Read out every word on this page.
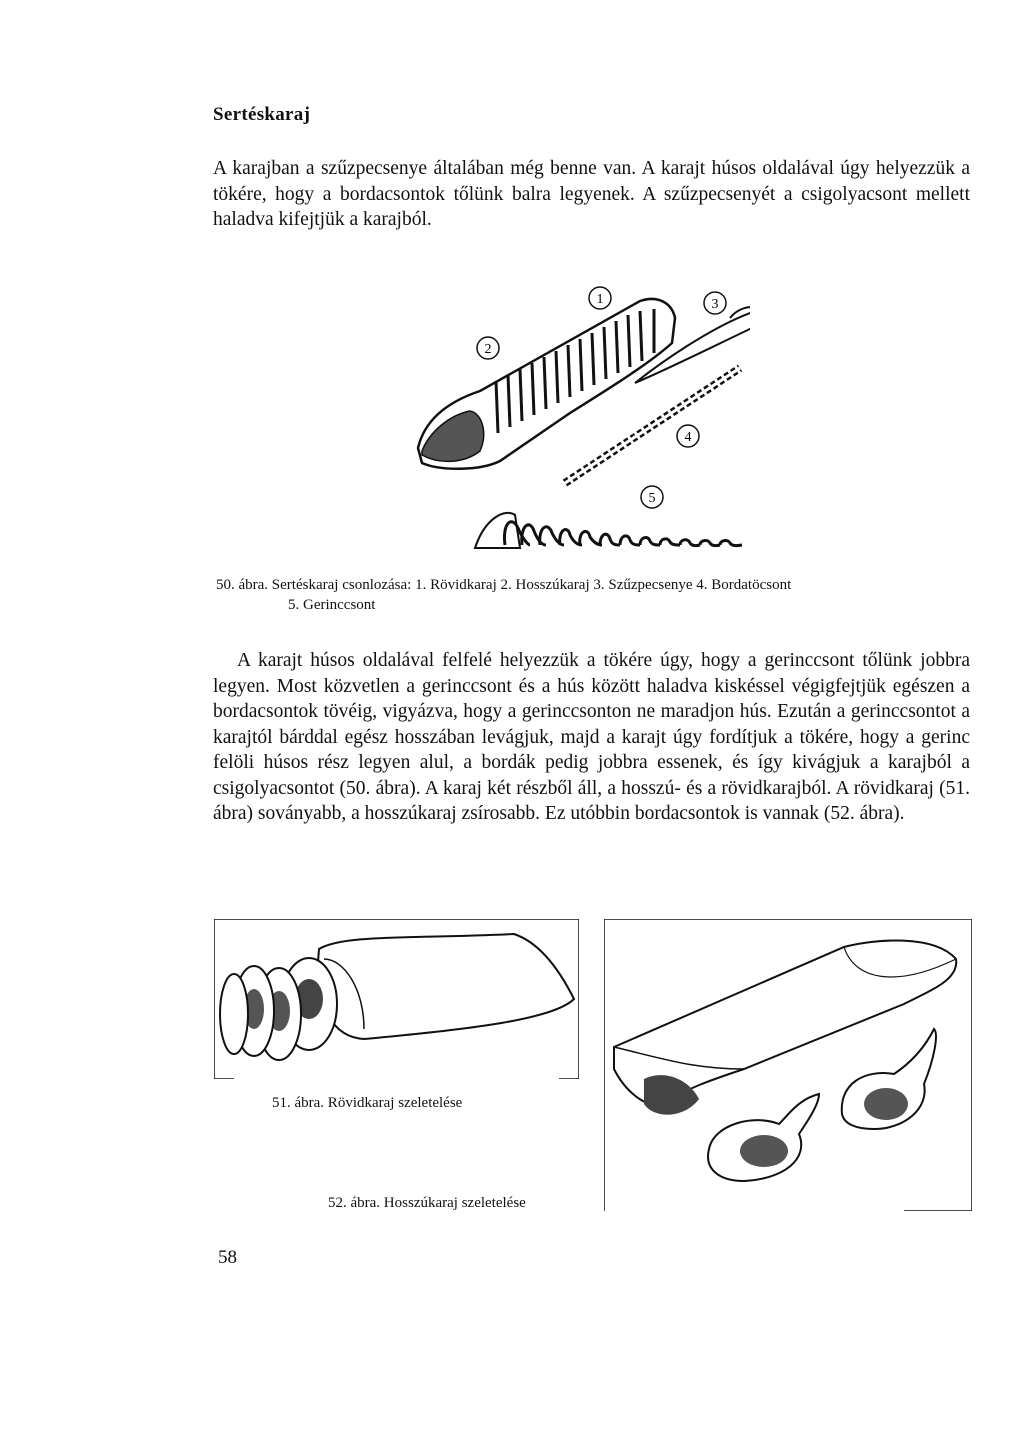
Sertéskaraj

A karajban a szűzpecsenye általában még benne van. A karajt húsos oldalával úgy helyezzük a tökére, hogy a bordacsontok tőlünk balra legyenek. A szűzpecsenyét a csigolyacsont mellett haladva kifejtjük a karajból.

1
2
3
4
5
50. ábra. Sertéskaraj csonlozása: 1. Rövidkaraj 2. Hosszúkaraj 3. Szűzpecsenye 4. Bordatöcsont
5. Gerinccsont

A karajt húsos oldalával felfelé helyezzük a tökére úgy, hogy a gerinccsont tőlünk jobbra legyen. Most közvetlen a gerinccsont és a hús között haladva kiskéssel végigfejtjük egészen a bordacsontok tövéig, vigyázva, hogy a gerinccsonton ne maradjon hús. Ezután a gerinccsontot a karajtól bárddal egész hosszában levágjuk, majd a karajt úgy fordítjuk a tökére, hogy a gerinc felöli húsos rész legyen alul, a bordák pedig jobbra essenek, és így kivágjuk a karajból a csigolyacsontot (50. ábra). A karaj két részből áll, a hosszú- és a rövidkarajból. A rövidkaraj (51. ábra) soványabb, a hosszúkaraj zsírosabb. Ez utóbbin bordacsontok is vannak (52. ábra).

51. ábra. Rövidkaraj szeletelése
52. ábra. Hosszúkaraj szeletelése
58
